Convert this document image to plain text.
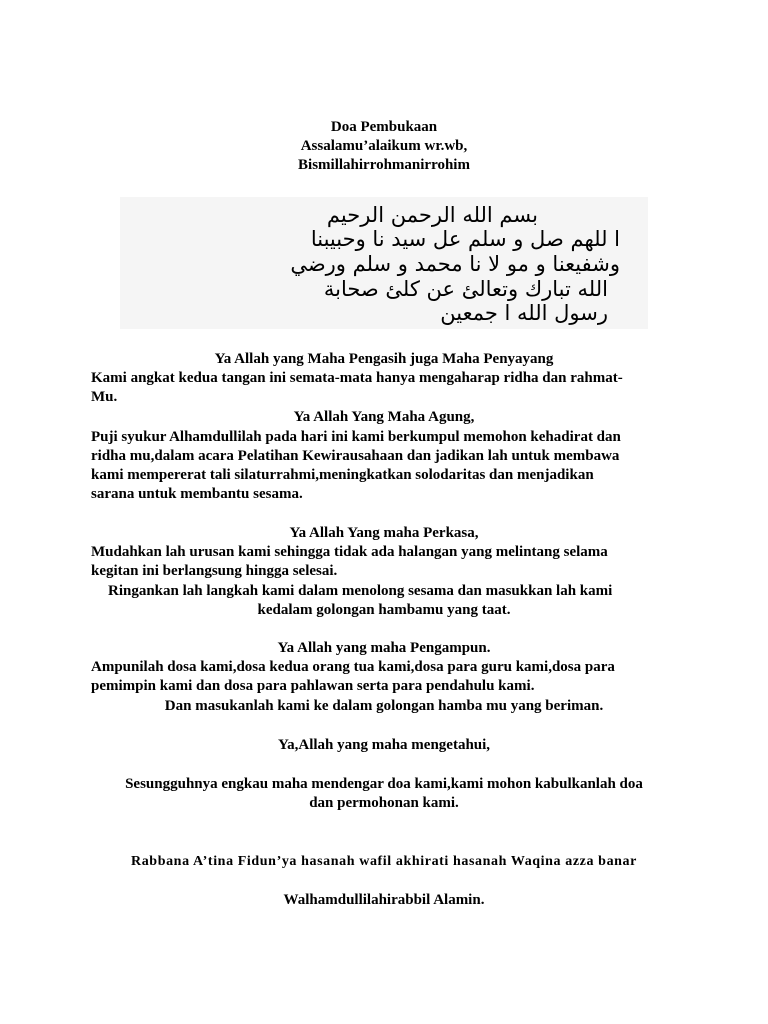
Doa Pembukaan
Assalamu’alaikum wr.wb,
Bismillahirrohmanirrohim
بسم الله الرحمن الرحيم
ا للهم صل و سلم عل سيد نا وحبيبنا
وشفيعنا و مو لا نا محمد و سلم ورضي
الله تبارك وتعالئ عن كلئ صحابة
رسول الله ا جمعين
Ya Allah yang Maha Pengasih juga Maha Penyayang
Kami angkat kedua tangan ini semata-mata hanya mengaharap ridha dan rahmat-
Mu.
Ya Allah Yang Maha Agung,
Puji syukur Alhamdullilah pada hari ini kami berkumpul memohon kehadirat dan
ridha mu,dalam acara Pelatihan Kewirausahaan dan jadikan lah untuk membawa
kami mempererat tali silaturrahmi,meningkatkan solodaritas dan menjadikan
sarana untuk membantu sesama.
Ya Allah Yang maha Perkasa,
Mudahkan lah urusan kami sehingga tidak ada halangan yang melintang selama
kegitan ini berlangsung hingga selesai.
Ringankan lah langkah kami dalam menolong sesama dan masukkan lah kami
kedalam golongan hambamu yang taat.
Ya Allah yang maha Pengampun.
Ampunilah dosa kami,dosa kedua orang tua kami,dosa para guru kami,dosa para
pemimpin kami dan dosa para pahlawan serta para pendahulu kami.
Dan masukanlah kami ke dalam golongan hamba mu yang beriman.
Ya,Allah yang maha mengetahui,
Sesungguhnya engkau maha mendengar doa kami,kami mohon kabulkanlah doa
dan permohonan kami.
Rabbana A’tina Fidun’ya hasanah wafil akhirati hasanah Waqina azza banar
Walhamdullilahirabbil Alamin.
